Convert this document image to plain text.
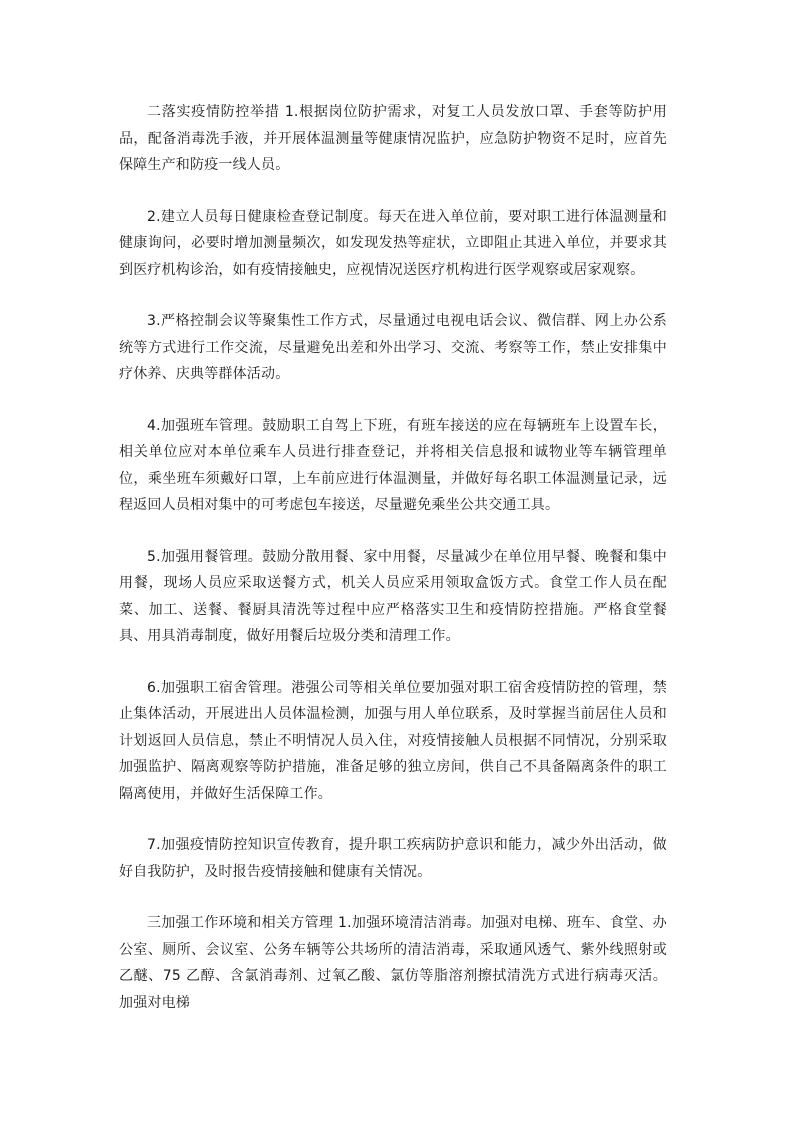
二落实疫情防控举措 1.根据岗位防护需求，对复工人员发放口罩、手套等防护用品，配备消毒洗手液，并开展体温测量等健康情况监护，应急防护物资不足时，应首先保障生产和防疫一线人员。

2.建立人员每日健康检查登记制度。每天在进入单位前，要对职工进行体温测量和健康询问，必要时增加测量频次，如发现发热等症状，立即阻止其进入单位，并要求其到医疗机构诊治，如有疫情接触史，应视情况送医疗机构进行医学观察或居家观察。

3.严格控制会议等聚集性工作方式，尽量通过电视电话会议、微信群、网上办公系统等方式进行工作交流，尽量避免出差和外出学习、交流、考察等工作，禁止安排集中疗休养、庆典等群体活动。

4.加强班车管理。鼓励职工自驾上下班，有班车接送的应在每辆班车上设置车长，相关单位应对本单位乘车人员进行排查登记，并将相关信息报和诚物业等车辆管理单位，乘坐班车须戴好口罩，上车前应进行体温测量，并做好每名职工体温测量记录，远程返回人员相对集中的可考虑包车接送，尽量避免乘坐公共交通工具。

5.加强用餐管理。鼓励分散用餐、家中用餐，尽量减少在单位用早餐、晚餐和集中用餐，现场人员应采取送餐方式，机关人员应采用领取盒饭方式。食堂工作人员在配菜、加工、送餐、餐厨具清洗等过程中应严格落实卫生和疫情防控措施。严格食堂餐具、用具消毒制度，做好用餐后垃圾分类和清理工作。

6.加强职工宿舍管理。港强公司等相关单位要加强对职工宿舍疫情防控的管理，禁止集体活动，开展进出人员体温检测，加强与用人单位联系，及时掌握当前居住人员和计划返回人员信息，禁止不明情况人员入住，对疫情接触人员根据不同情况，分别采取加强监护、隔离观察等防护措施，准备足够的独立房间，供自己不具备隔离条件的职工隔离使用，并做好生活保障工作。

7.加强疫情防控知识宣传教育，提升职工疾病防护意识和能力，减少外出活动，做好自我防护，及时报告疫情接触和健康有关情况。

三加强工作环境和相关方管理 1.加强环境清洁消毒。加强对电梯、班车、食堂、办公室、厕所、会议室、公务车辆等公共场所的清洁消毒，采取通风透气、紫外线照射或乙醚、75 乙醇、含氯消毒剂、过氧乙酸、氯仿等脂溶剂擦拭清洗方式进行病毒灭活。加强对电梯
